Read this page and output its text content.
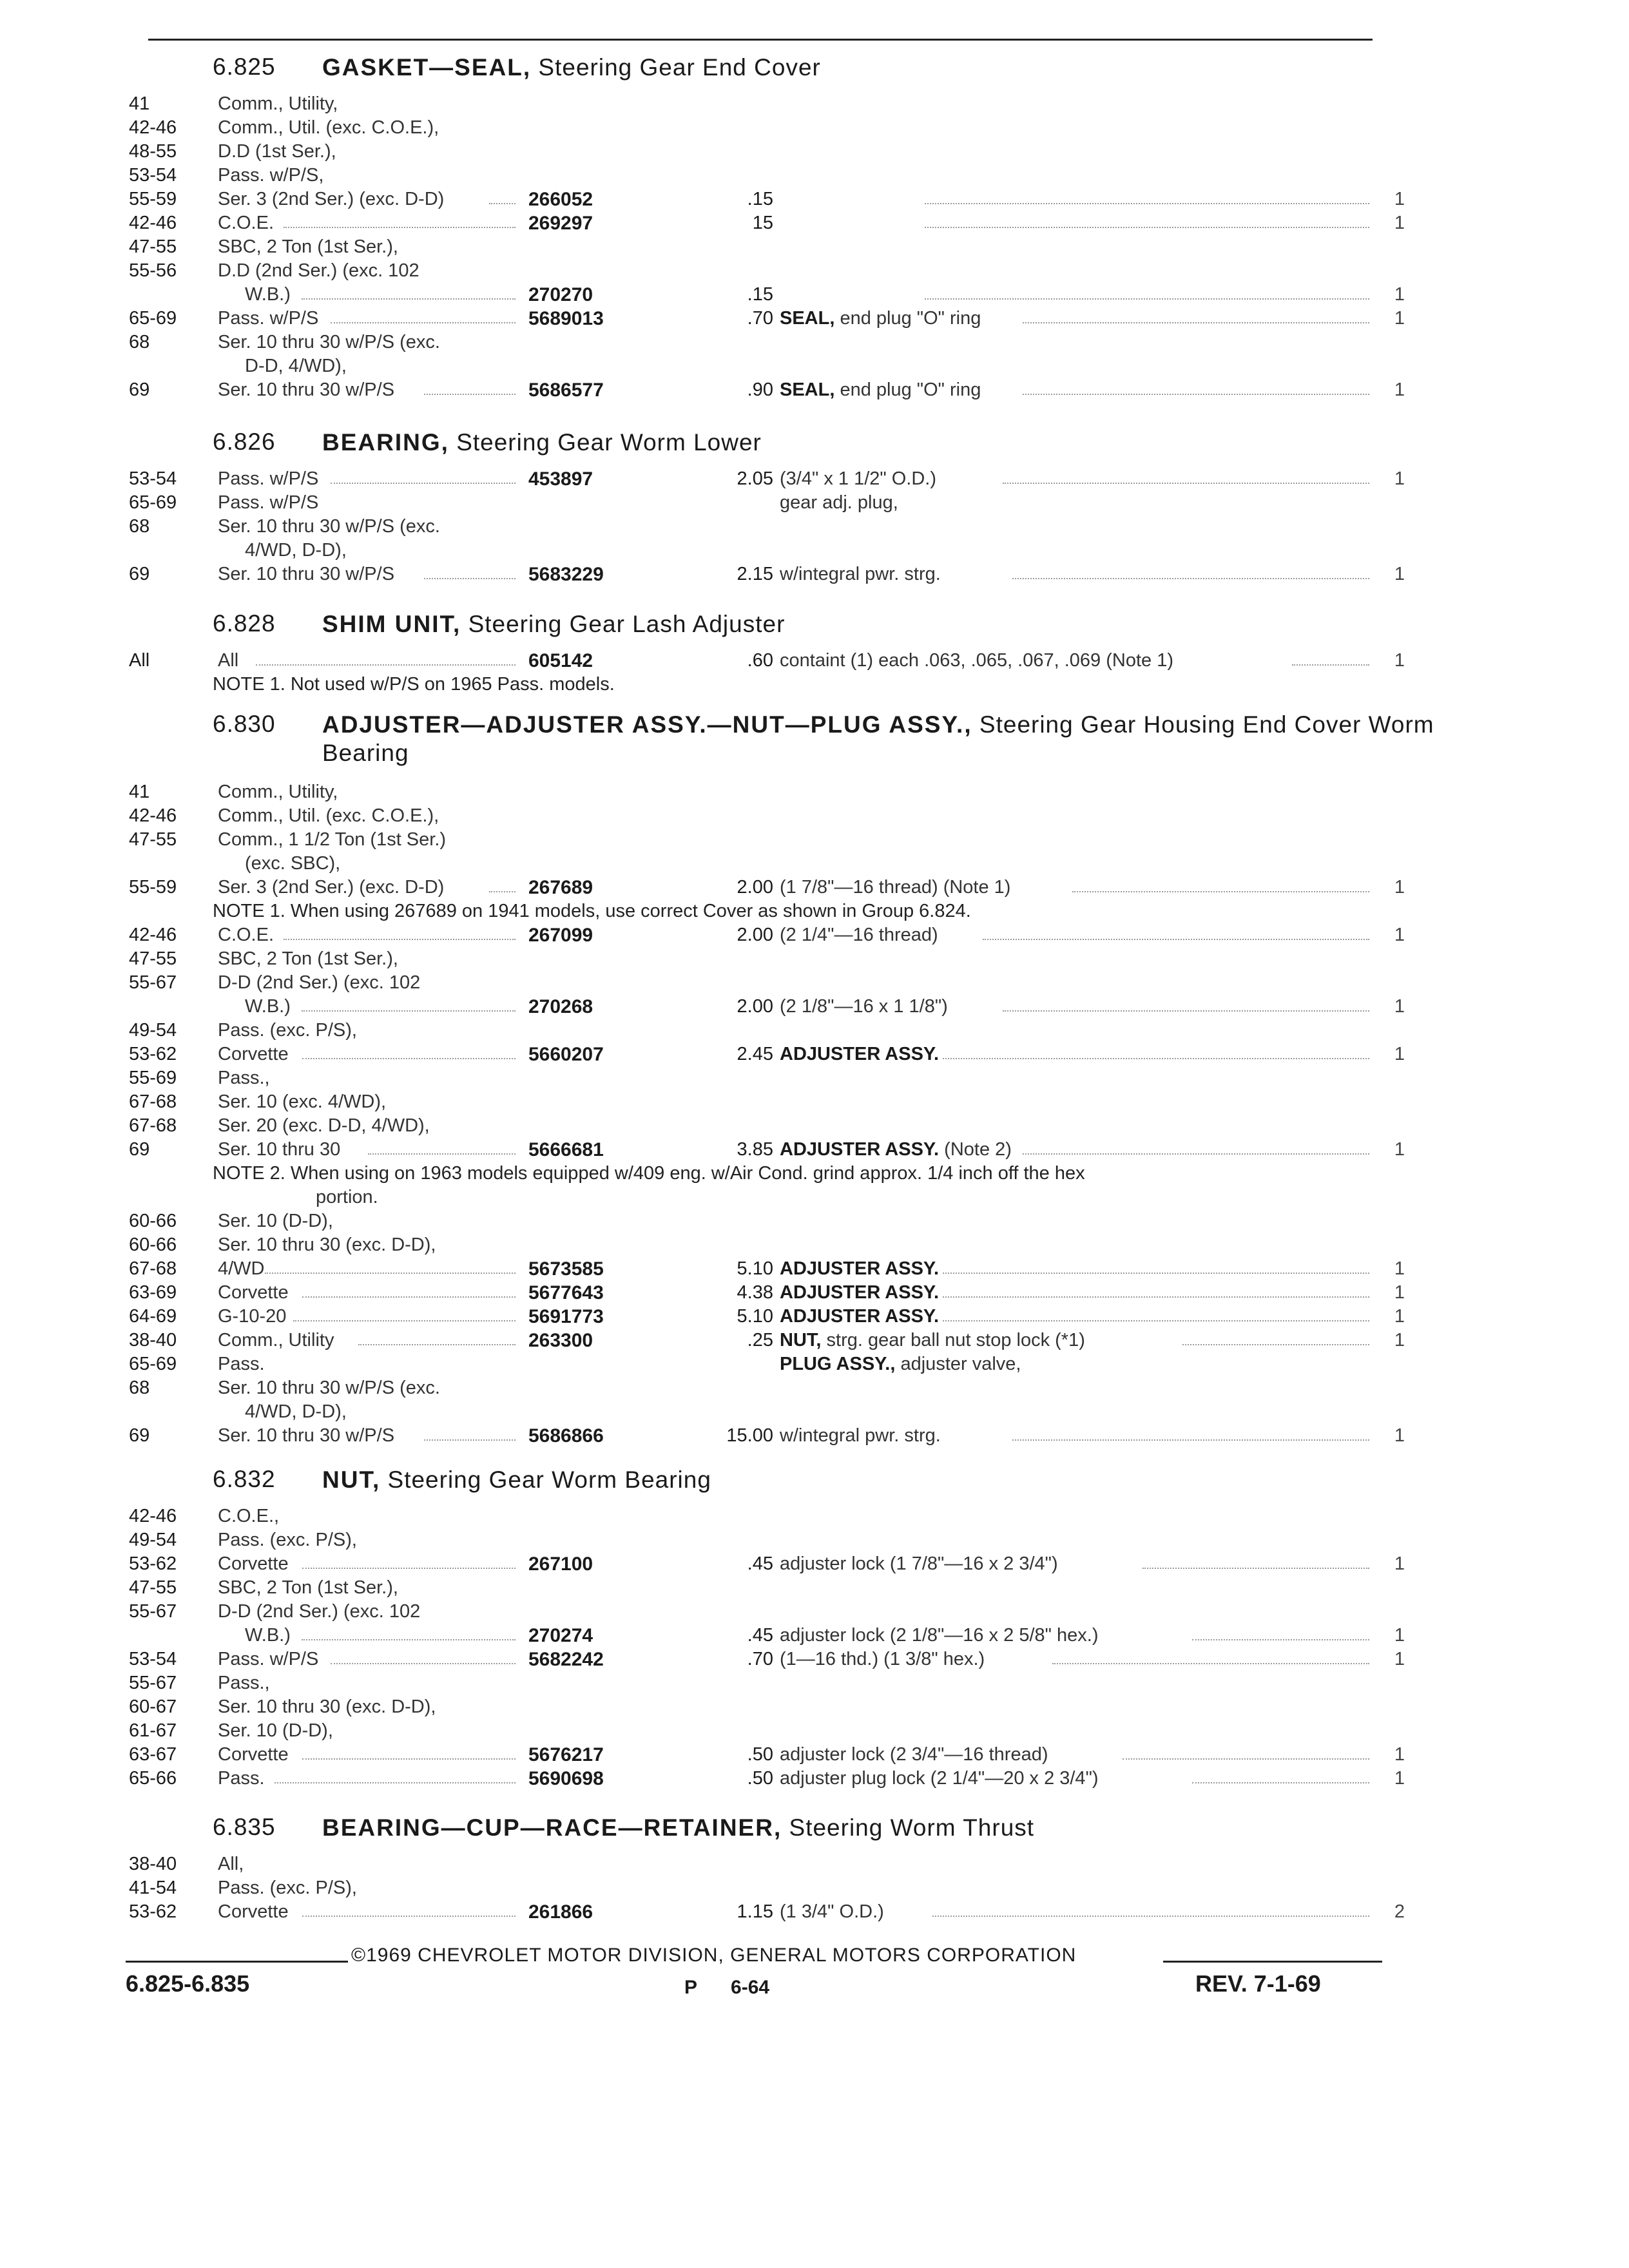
6.825 GASKET—SEAL, Steering Gear End Cover
41	Comm., Utility,
42-46 Comm., Util. (exc. C.O.E.),
48-55 D.D (1st Ser.),
53-54 Pass. w/P/S,
55-59 Ser. 3 (2nd Ser.) (exc. D-D)	266052	.15	1
42-46 C.O.E.	269297	15	1
47-55 SBC, 2 Ton (1st Ser.),
55-56 D.D (2nd Ser.) (exc. 102
W.B.)	270270	.15	1
65-69 Pass. w/P/S	5689013	.70 SEAL, end plug "O" ring	1
68	Ser. 10 thru 30 w/P/S (exc.
D-D, 4/WD),
69	Ser. 10 thru 30 w/P/S	5686577	.90 SEAL, end plug "O" ring	1
6.826 BEARING, Steering Gear Worm Lower
53-54 Pass. w/P/S	453897	2.05 (3/4" x 1 1/2" O.D.)	1
65-69 Pass. w/P/S	gear adj. plug,
68	Ser. 10 thru 30 w/P/S (exc.
4/WD, D-D),
69	Ser. 10 thru 30 w/P/S	5683229	2.15 w/integral pwr. strg.	1
6.828 SHIM UNIT, Steering Gear Lash Adjuster
All	All	605142	.60 containt (1) each .063, .065, .067, .069 (Note 1)	1
NOTE 1. Not used w/P/S on 1965 Pass. models.
6.830 ADJUSTER—ADJUSTER ASSY.—NUT—PLUG ASSY., Steering Gear Housing End Cover Worm Bearing
41	Comm., Utility,
42-46 Comm., Util. (exc. C.O.E.),
47-55 Comm., 1 1/2 Ton (1st Ser.)
(exc. SBC),
55-59 Ser. 3 (2nd Ser.) (exc. D-D)	267689	2.00 (1 7/8"—16 thread) (Note 1)	1
NOTE 1. When using 267689 on 1941 models, use correct Cover as shown in Group 6.824.
42-46 C.O.E.	267099	2.00 (2 1/4"—16 thread)	1
47-55 SBC, 2 Ton (1st Ser.),
55-67 D-D (2nd Ser.) (exc. 102
W.B.)	270268	2.00 (2 1/8"—16 x 1 1/8")	1
49-54 Pass. (exc. P/S),
53-62 Corvette	5660207	2.45 ADJUSTER ASSY.	1
55-69 Pass.,
67-68 Ser. 10 (exc. 4/WD),
67-68 Ser. 20 (exc. D-D, 4/WD),
69	Ser. 10 thru 30	5666681	3.85 ADJUSTER ASSY. (Note 2)	1
NOTE 2. When using on 1963 models equipped w/409 eng. w/Air Cond. grind approx. 1/4 inch off the hex
portion.
60-66 Ser. 10 (D-D),
60-66 Ser. 10 thru 30 (exc. D-D),
67-68 4/WD	5673585	5.10 ADJUSTER ASSY.	1
63-69 Corvette	5677643	4.38 ADJUSTER ASSY.	1
64-69 G-10-20	5691773	5.10 ADJUSTER ASSY.	1
38-40 Comm., Utility	263300	.25 NUT, strg. gear ball nut stop lock (*1)	1
65-69 Pass.	PLUG ASSY., adjuster valve,
68	Ser. 10 thru 30 w/P/S (exc.
4/WD, D-D),
69	Ser. 10 thru 30 w/P/S	5686866	15.00 w/integral pwr. strg.	1
6.832 NUT, Steering Gear Worm Bearing
42-46 C.O.E.,
49-54 Pass. (exc. P/S),
53-62 Corvette	267100	.45 adjuster lock (1 7/8"—16 x 2 3/4")	1
47-55 SBC, 2 Ton (1st Ser.),
55-67 D-D (2nd Ser.) (exc. 102
W.B.)	270274	.45 adjuster lock (2 1/8"—16 x 2 5/8" hex.)	1
53-54 Pass. w/P/S	5682242	.70 (1—16 thd.) (1 3/8" hex.)	1
55-67 Pass.,
60-67 Ser. 10 thru 30 (exc. D-D),
61-67 Ser. 10 (D-D),
63-67 Corvette	5676217	.50 adjuster lock (2 3/4"—16 thread)	1
65-66 Pass.	5690698	.50 adjuster plug lock (2 1/4"—20 x 2 3/4")	1
6.835 BEARING—CUP—RACE—RETAINER, Steering Worm Thrust
38-40 All,
41-54 Pass. (exc. P/S),
53-62 Corvette	261866	1.15 (1 3/4" O.D.)	2
©1969 CHEVROLET MOTOR DIVISION, GENERAL MOTORS CORPORATION
6.825-6.835	P 6-64	REV. 7-1-69
